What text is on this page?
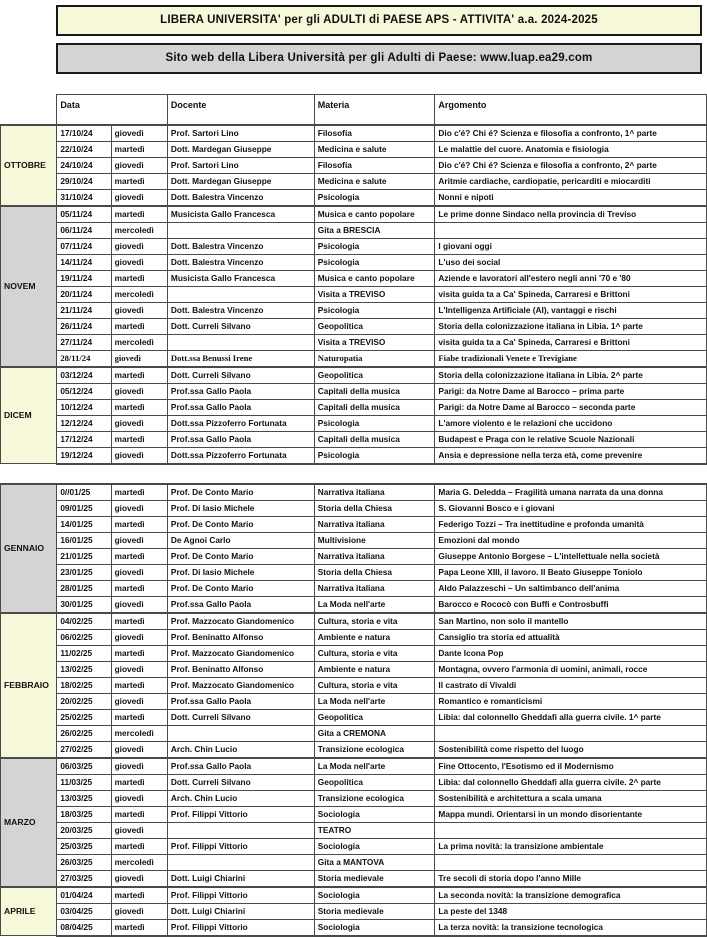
LIBERA UNIVERSITA' per gli ADULTI di PAESE APS - ATTIVITA' a.a. 2024-2025
Sito web della Libera Università per gli Adulti di Paese: www.luap.ea29.com
	Data		Docente	Materia	Argomento
OTTOBRE	17/10/24	giovedì	Prof. Sartori Lino	Filosofia	Dio c'é? Chi é? Scienza e filosofia a confronto, 1^ parte
	22/10/24	martedì	Dott. Mardegan Giuseppe	Medicina e salute	Le malattie del cuore. Anatomia e fisiologia
	24/10/24	giovedì	Prof. Sartori Lino	Filosofia	Dio c'é? Chi é? Scienza e filosofia a confronto, 2^ parte
	29/10/24	martedì	Dott. Mardegan Giuseppe	Medicina e salute	Aritmie cardiache, cardiopatie, pericarditi e miocarditi
	31/10/24	giovedì	Dott. Balestra Vincenzo	Psicologia	Nonni e nipoti
NOVEM	05/11/24	martedì	Musicista Gallo Francesca	Musica e canto popolare	Le prime donne Sindaco nella provincia di Treviso
	06/11/24	mercoledì		Gita a BRESCIA	
	07/11/24	giovedì	Dott. Balestra Vincenzo	Psicologia	I giovani oggi
	14/11/24	giovedì	Dott. Balestra Vincenzo	Psicologia	L'uso dei social
	19/11/24	martedì	Musicista Gallo Francesca	Musica e canto popolare	Aziende e lavoratori all'estero negli anni '70 e '80
	20/11/24	mercoledì		Visita a TREVISO	visita guida ta a Ca' Spineda, Carraresi e Brittoni
	21/11/24	giovedì	Dott. Balestra Vincenzo	Psicologia	L'Intelligenza Artificiale (AI), vantaggi e rischi
	26/11/24	martedì	Dott. Curreli Silvano	Geopolitica	Storia della colonizzazione italiana in Libia. 1^ parte
	27/11/24	mercoledì		Visita a TREVISO	visita guida ta a Ca' Spineda, Carraresi e Brittoni
	28/11/24	giovedì	Dott.ssa Benussi Irene	Naturopatia	Fiabe tradizionali Venete e Trevigiane
DICEM	03/12/24	martedì	Dott. Curreli Silvano	Geopolitica	Storia della colonizzazione italiana in Libia. 2^ parte
	05/12/24	giovedì	Prof.ssa Gallo Paola	Capitali della musica	Parigi: da Notre Dame al Barocco – prima parte
	10/12/24	martedì	Prof.ssa Gallo Paola	Capitali della musica	Parigi: da Notre Dame al Barocco – seconda parte
	12/12/24	giovedì	Dott.ssa Pizzoferro Fortunata	Psicologia	L'amore violento e le relazioni che uccidono
	17/12/24	martedì	Prof.ssa Gallo Paola	Capitali della musica	Budapest e Praga con le relative Scuole Nazionali
	19/12/24	giovedì	Dott.ssa Pizzoferro Fortunata	Psicologia	Ansia e depressione nella terza età, come prevenire
GENNAIO	0//01/25	martedì	Prof. De Conto Mario	Narrativa italiana	Maria G. Deledda – Fragilità umana narrata da una donna
	09/01/25	giovedì	Prof. Di Iasio Michele	Storia della Chiesa	S. Giovanni Bosco e i giovani
	14/01/25	martedì	Prof. De Conto Mario	Narrativa italiana	Federigo Tozzi – Tra inettitudine e profonda umanità
	16/01/25	giovedì	De Agnoi Carlo	Multivisione	Emozioni dal mondo
	21/01/25	martedì	Prof. De Conto Mario	Narrativa italiana	Giuseppe Antonio Borgese – L'intellettuale nella società
	23/01/25	giovedì	Prof. Di Iasio Michele	Storia della Chiesa	Papa Leone XIII, il lavoro. Il Beato Giuseppe Toniolo
	28/01/25	martedì	Prof. De Conto Mario	Narrativa italiana	Aldo Palazzeschi – Un saltimbanco dell'anima
	30/01/25	giovedì	Prof.ssa Gallo Paola	La Moda nell'arte	Barocco e Rococò con Buffi e Controsbuffi
FEBBRAIO	04/02/25	martedì	Prof. Mazzocato Giandomenico	Cultura, storia e vita	San Martino, non solo il mantello
	06/02/25	giovedì	Prof. Beninatto Alfonso	Ambiente e natura	Cansiglio tra storia ed attualità
	11/02/25	martedì	Prof. Mazzocato Giandomenico	Cultura, storia e vita	Dante Icona Pop
	13/02/25	giovedì	Prof. Beninatto Alfonso	Ambiente e natura	Montagna, ovvero l'armonia di uomini, animali, rocce
	18/02/25	martedì	Prof. Mazzocato Giandomenico	Cultura, storia e vita	Il castrato di Vivaldi
	20/02/25	giovedì	Prof.ssa Gallo Paola	La Moda nell'arte	Romantico e romanticismi
	25/02/25	martedì	Dott. Curreli Silvano	Geopolitica	Libia: dal colonnello Gheddafi alla guerra civile. 1^ parte
	26/02/25	mercoledì		Gita a CREMONA	
	27/02/25	giovedì	Arch. Chin Lucio	Transizione ecologica	Sostenibilità come rispetto del luogo
MARZO	06/03/25	giovedì	Prof.ssa Gallo Paola	La Moda nell'arte	Fine Ottocento, l'Esotismo ed il Modernismo
	11/03/25	martedì	Dott. Curreli Silvano	Geopolitica	Libia: dal colonnello Gheddafi alla guerra civile. 2^ parte
	13/03/25	giovedì	Arch. Chin Lucio	Transizione ecologica	Sostenibilità e architettura a scala umana
	18/03/25	martedì	Prof. Filippi Vittorio	Sociologia	Mappa mundi. Orientarsi in un mondo disorientante
	20/03/25	giovedì		TEATRO	
	25/03/25	martedì	Prof. Filippi Vittorio	Sociologia	La prima novità: la transizione ambientale
	26/03/25	mercoledì		Gita a MANTOVA	
	27/03/25	giovedì	Dott. Luigi Chiarini	Storia medievale	Tre secoli di storia dopo l'anno Mille
APRILE	01/04/24	martedì	Prof. Filippi Vittorio	Sociologia	La seconda novità: la transizione demografica
	03/04/25	giovedì	Dott. Luigi Chiarini	Storia medievale	La peste del 1348
	08/04/25	martedì	Prof. Filippi Vittorio	Sociologia	La terza novità: la transizione tecnologica
